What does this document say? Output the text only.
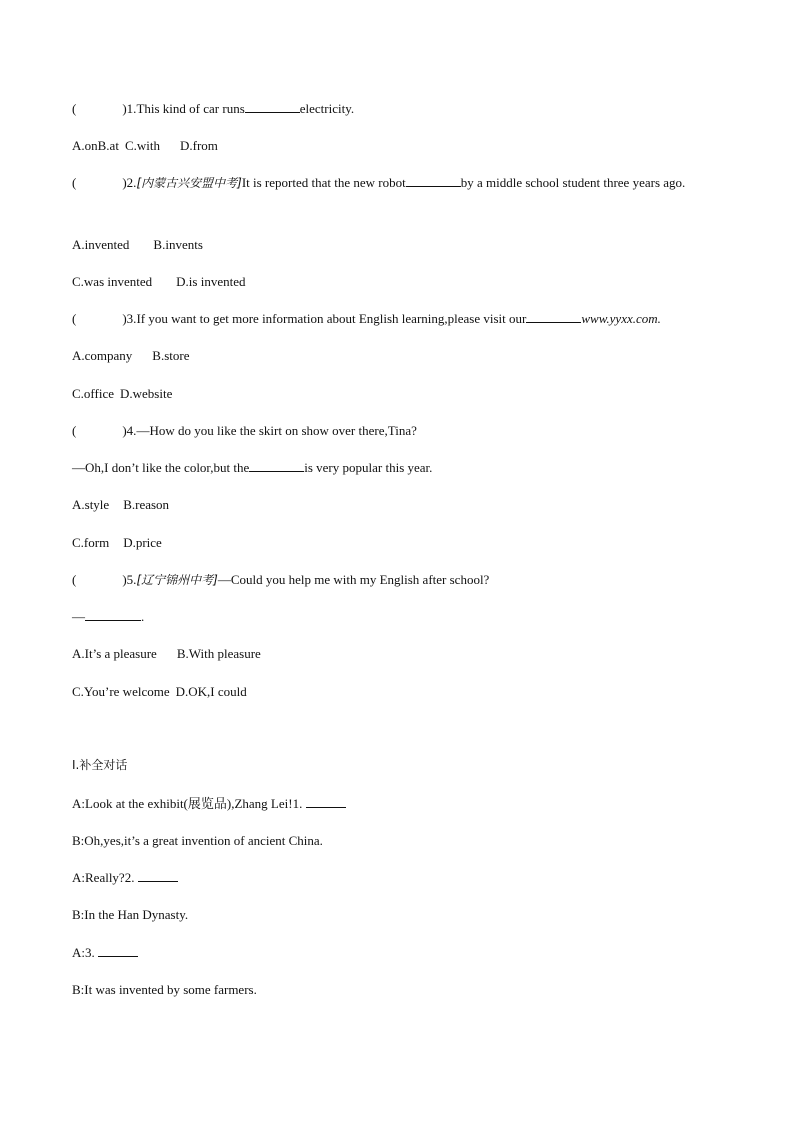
(	)1.This kind of car runs	electricity.
A.onB.at C.with D.from
(	)2.[内蒙古兴安盟中考]It is reported that the new robot	by a middle school student three years ago.
A.invented B.invents
C.was invented D.is invented
(	)3.If you want to get more information about English learning,please visit our	www.yyxx.com.
A.company B.store
C.office D.website
(	)4.—How do you like the skirt on show over there,Tina?
—Oh,I don’t like the color,but the	is very popular this year.
A.style B.reason
C.form D.price
(	)5.[辽宁锦州中考]—Could you help me with my English after school?
—	.
A.It’s a pleasure B.With pleasure
C.You’re welcome D.OK,I could
Ⅰ.补全对话
A:Look at the exhibit(展览品),Zhang Lei!1.
B:Oh,yes,it’s a great invention of ancient China.
A:Really?2.
B:In the Han Dynasty.
A:3.
B:It was invented by some farmers.
